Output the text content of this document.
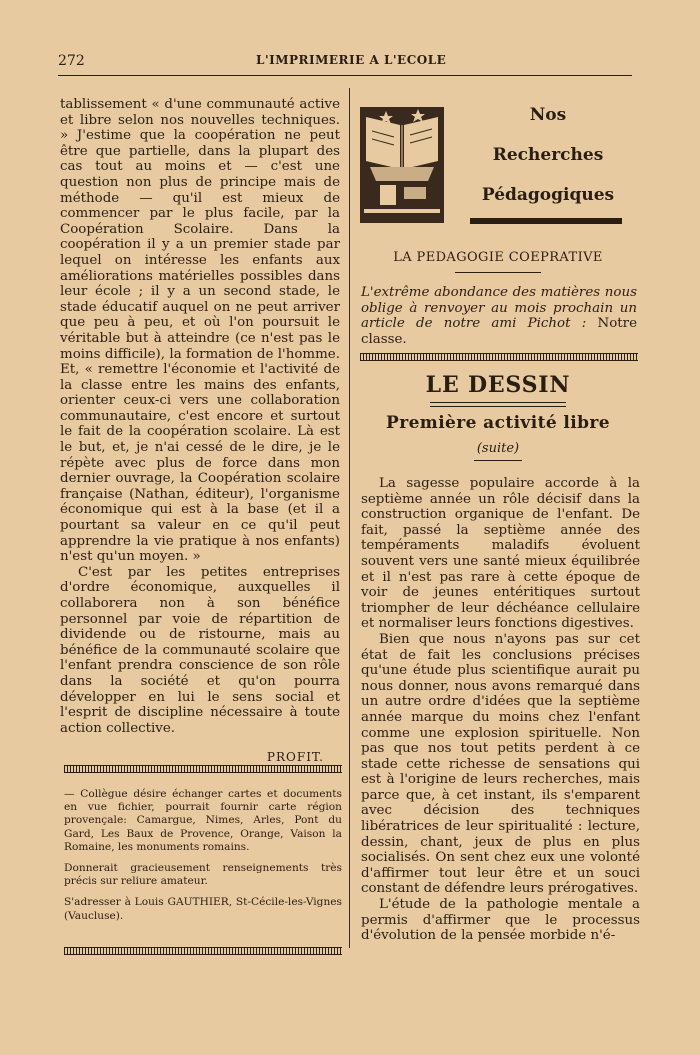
272	L'IMPRIMERIE A L'ECOLE

tablissement « d'une communauté active et libre selon nos nouvelles techniques. » J'estime que la coopération ne peut être que partielle, dans la plupart des cas tout au moins et — c'est une question non plus de principe mais de méthode — qu'il est mieux de commencer par le plus facile, par la Coopération Scolaire. Dans la coopération il y a un premier stade par lequel on intéresse les enfants aux améliorations matérielles possibles dans leur école ; il y a un second stade, le stade éducatif auquel on ne peut arriver que peu à peu, et où l'on poursuit le véritable but à atteindre (ce n'est pas le moins difficile), la formation de l'homme. Et, « remettre l'économie et l'activité de la classe entre les mains des enfants, orienter ceux-ci vers une collaboration communautaire, c'est encore et surtout le fait de la coopération scolaire. Là est le but, et, je n'ai cessé de le dire, je le répète avec plus de force dans mon dernier ouvrage, la Coopération scolaire française (Nathan, éditeur), l'organisme économique qui est à la base (et il a pourtant sa valeur en ce qu'il peut apprendre la vie pratique à nos enfants) n'est qu'un moyen. »

C'est par les petites entreprises d'ordre économique, auxquelles il collaborera non à son bénéfice personnel par voie de répartition de dividende ou de ristourne, mais au bénéfice de la communauté scolaire que l'enfant prendra conscience de son rôle dans la société et qu'on pourra développer en lui le sens social et l'esprit de discipline nécessaire à toute action collective.

PROFIT.

— Collègue désire échanger cartes et documents en vue fichier, pourrait fournir carte région provençale: Camargue, Nimes, Arles, Pont du Gard, Les Baux de Provence, Orange, Vaison la Romaine, les monuments romains.

Donnerait gracieusement renseignements très précis sur reliure amateur.

S'adresser à Louis GAUTHIER, St-Cécile-les-Vignes (Vaucluse).

Nos
Recherches
Pédagogiques
LA PEDAGOGIE COEPRATIVE
L'extrême abondance des matières nous oblige à renvoyer au mois prochain un article de notre ami Pichot : Notre classe.
LE DESSIN
Première activité libre
(suite)

La sagesse populaire accorde à la septième année un rôle décisif dans la construction organique de l'enfant. De fait, passé la septième année des tempéraments maladifs évoluent souvent vers une santé mieux équilibrée et il n'est pas rare à cette époque de voir de jeunes entéritiques surtout triompher de leur déchéance cellulaire et normaliser leurs fonctions digestives.

Bien que nous n'ayons pas sur cet état de fait les conclusions précises qu'une étude plus scientifique aurait pu nous donner, nous avons remarqué dans un autre ordre d'idées que la septième année marque du moins chez l'enfant comme une explosion spirituelle. Non pas que nos tout petits perdent à ce stade cette richesse de sensations qui est à l'origine de leurs recherches, mais parce que, à cet instant, ils s'emparent avec décision des techniques libératrices de leur spiritualité : lecture, dessin, chant, jeux de plus en plus socialisés. On sent chez eux une volonté d'affirmer tout leur être et un souci constant de défendre leurs prérogatives.

L'étude de la pathologie mentale a permis d'affirmer que le processus d'évolution de la pensée morbide n'é-
